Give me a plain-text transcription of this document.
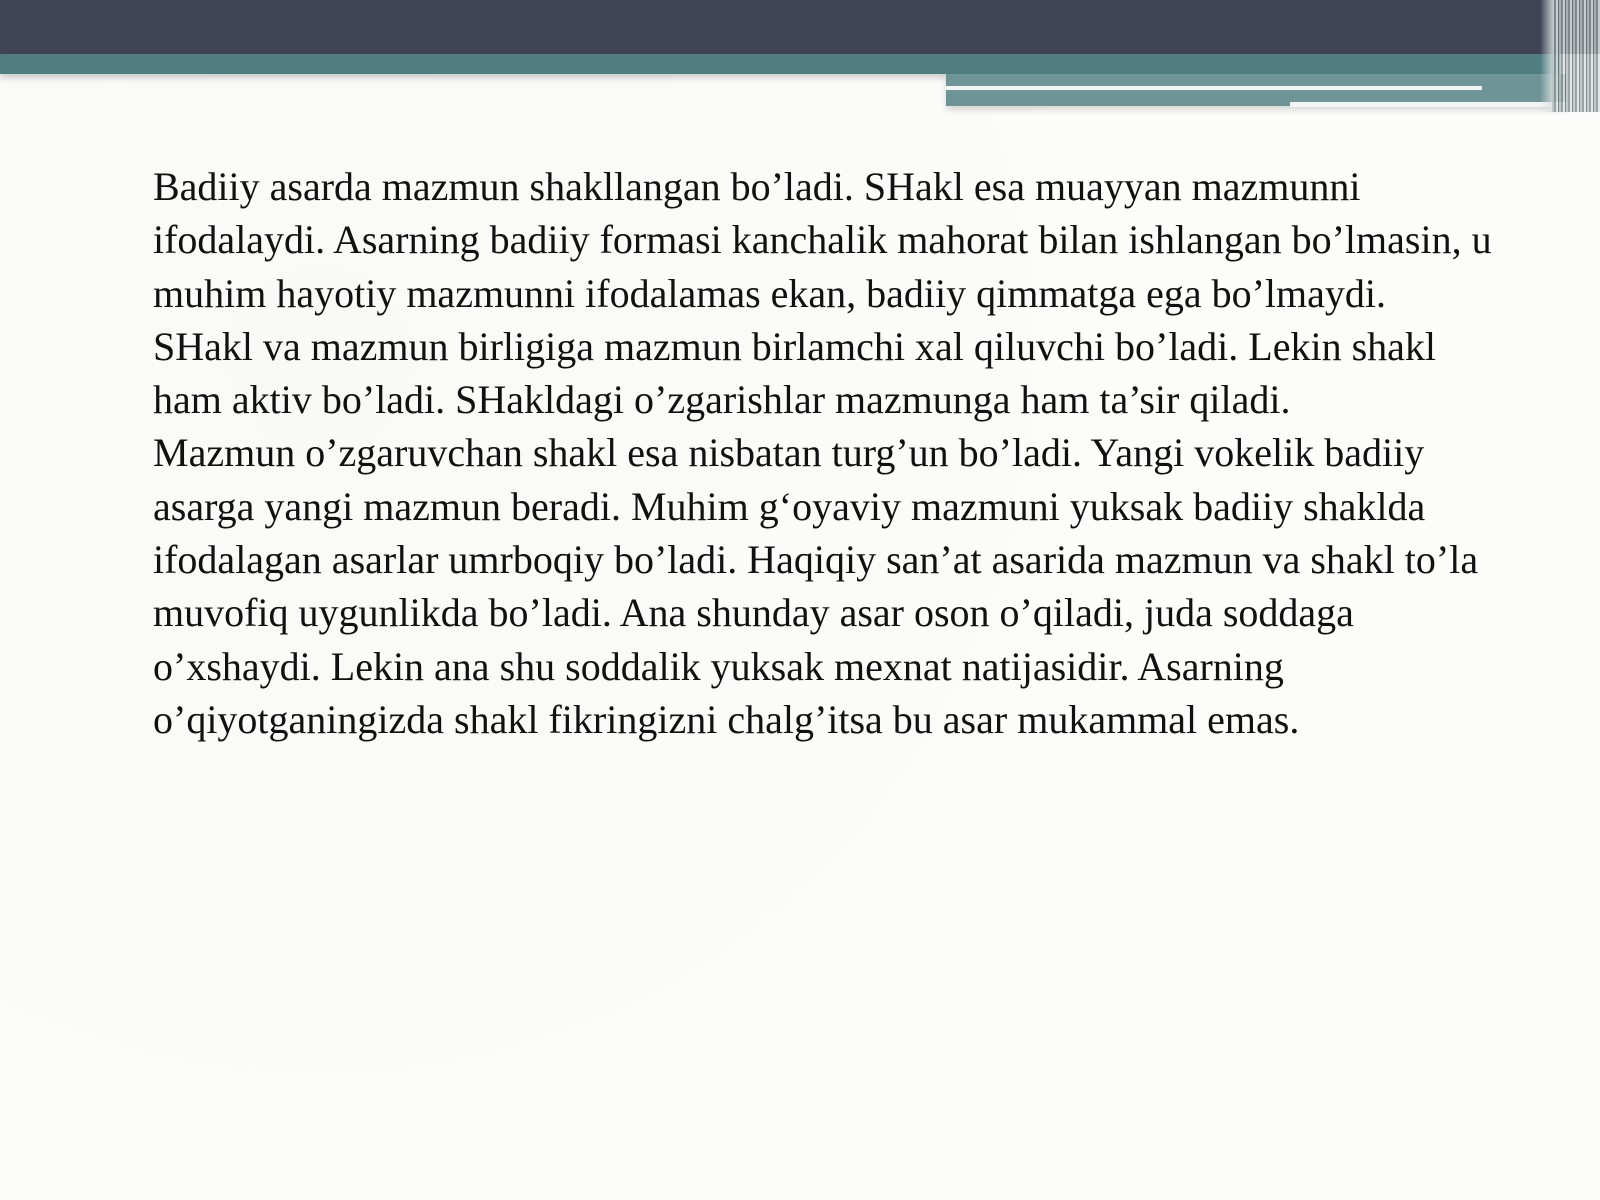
Badiiy asarda mazmun shakllangan bo’ladi. SHakl esa muayyan mazmunni ifodalaydi. Asarning badiiy formasi kanchalik mahorat bilan ishlangan bo’lmasin, u muhim hayotiy mazmunni ifodalamas ekan, badiiy qimmatga ega bo’lmaydi.

SHakl va mazmun birligiga mazmun birlamchi xal qiluvchi bo’ladi. Lekin shakl ham aktiv bo’ladi. SHakldagi o’zgarishlar mazmunga ham ta’sir qiladi.

Mazmun o’zgaruvchan shakl esa nisbatan turg’un bo’ladi. Yangi vokelik badiiy asarga yangi mazmun beradi. Muhim g‘oyaviy mazmuni yuksak badiiy shaklda ifodalagan asarlar umrboqiy bo’ladi. Haqiqiy san’at asarida mazmun va shakl to’la muvofiq uygunlikda bo’ladi. Ana shunday asar oson o’qiladi, juda soddaga o’xshaydi. Lekin ana shu soddalik yuksak mexnat natijasidir. Asarning o’qiyotganingizda shakl fikringizni chalg’itsa bu asar mukammal emas.
